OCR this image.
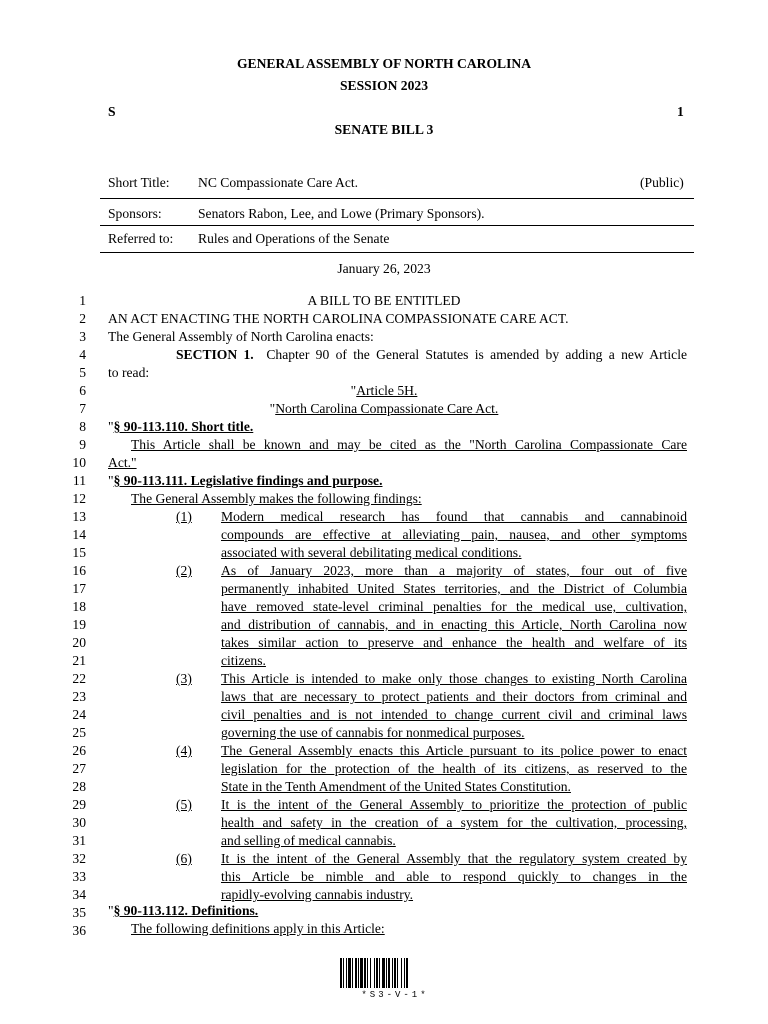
GENERAL ASSEMBLY OF NORTH CAROLINA
SESSION 2023
S	1
SENATE BILL 3
Short Title: NC Compassionate Care Act.	(Public)
Sponsors:	Senators Rabon, Lee, and Lowe (Primary Sponsors).
Referred to: Rules and Operations of the Senate
January 26, 2023
1
2
3
4
5
6
7
8
9
10
11
12
13
14
15
16
17
18
19
20
21
22
23
24
25
26
27
28
29
30
31
32
33
34
35
36
A BILL TO BE ENTITLED
AN ACT ENACTING THE NORTH CAROLINA COMPASSIONATE CARE ACT.
The General Assembly of North Carolina enacts:
SECTION 1. Chapter 90 of the General Statutes is amended by adding a new Article
to read:
"Article 5H.
"North Carolina Compassionate Care Act.
"§ 90-113.110. Short title.
This Article shall be known and may be cited as the "North Carolina Compassionate Care
Act."
"§ 90-113.111. Legislative findings and purpose.
The General Assembly makes the following findings:
(1) Modern medical research has found that cannabis and cannabinoid
compounds are effective at alleviating pain, nausea, and other symptoms
associated with several debilitating medical conditions.
(2) As of January 2023, more than a majority of states, four out of five
permanently inhabited United States territories, and the District of Columbia
have removed state-level criminal penalties for the medical use, cultivation,
and distribution of cannabis, and in enacting this Article, North Carolina now
takes similar action to preserve and enhance the health and welfare of its
citizens.
(3) This Article is intended to make only those changes to existing North Carolina
laws that are necessary to protect patients and their doctors from criminal and
civil penalties and is not intended to change current civil and criminal laws
governing the use of cannabis for nonmedical purposes.
(4) The General Assembly enacts this Article pursuant to its police power to enact
legislation for the protection of the health of its citizens, as reserved to the
State in the Tenth Amendment of the United States Constitution.
(5) It is the intent of the General Assembly to prioritize the protection of public
health and safety in the creation of a system for the cultivation, processing,
and selling of medical cannabis.
(6) It is the intent of the General Assembly that the regulatory system created by
this Article be nimble and able to respond quickly to changes in the
rapidly-evolving cannabis industry.
"§ 90-113.112. Definitions.
The following definitions apply in this Article:
*S3-V-1*
